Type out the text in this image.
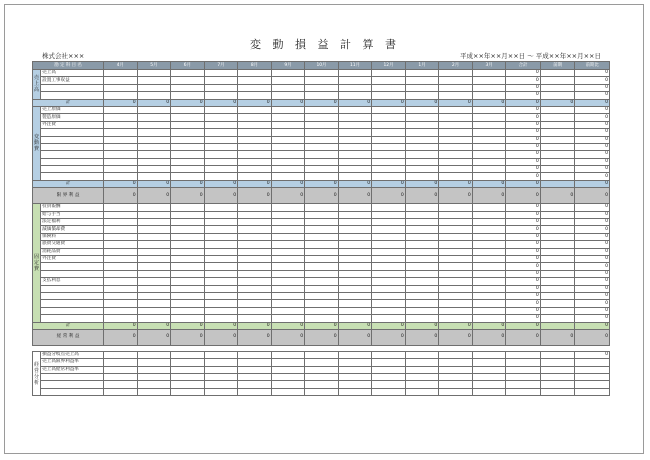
変 動 損 益 計 算 書
株式会社×××	平成××年××月××日 ～ 平成××年××月××日
勘 定 科 目 名		4月	5月	6月	7月	8月	9月	10月	11月	12月	1月	2月	3月	合計	前期	前期比
売
上
高	売上高													0		0
	設置工事収益													0		0
														0		0
														0		0
計		0	0	0	0	0	0	0	0	0	0	0	0	0	0	0
変
動
費	売上原価													0		0
	製造原価													0		0
	外注費													0		0
														0		0
														0		0
														0		0
														0		0
														0		0
														0		0
														0		0
計		0	0	0	0	0	0	0	0	0	0	0	0	0		0
限 界 利 益		0	0	0	0	0	0	0	0	0	0	0	0	0	0	0
固
定
費	役員報酬													0		0
	給与手当													0		0
	法定福利													0		0
	減価償却費													0		0
	保険料													0		0
	旅費交通費													0		0
	消耗品費													0		0
	外注費													0		0
														0		0
														0		0
	支払利息													0		0
														0		0
														0		0
														0		0
														0		0
														0		0
計		0	0	0	0	0	0	0	0	0	0	0	0	0		0
経 常 利 益		0	0	0	0	0	0	0	0	0	0	0	0	0	0	0

経
営
分
析	損益分岐点売上高															0
	売上高限界利益率															
	売上高経常利益率															
